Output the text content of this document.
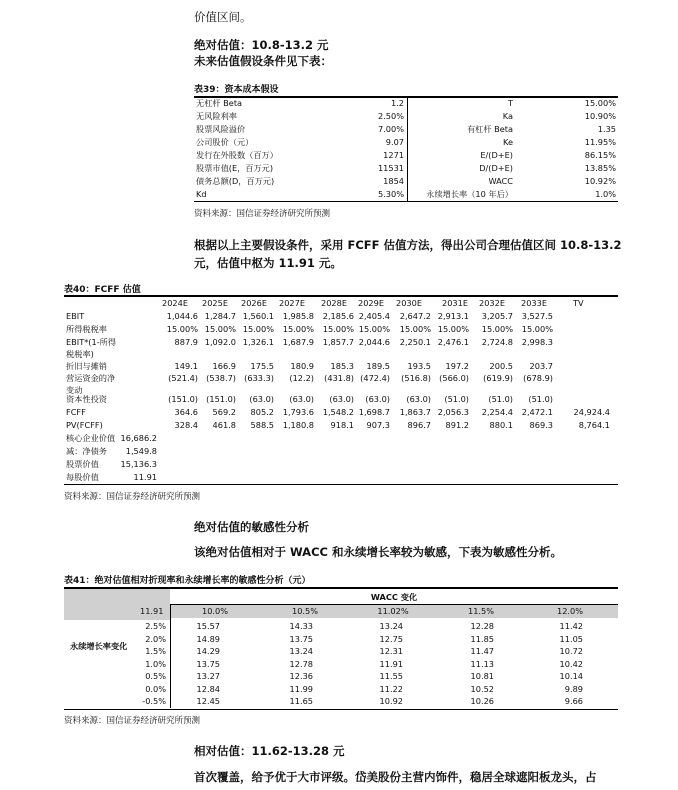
价值区间。
绝对估值：10.8-13.2 元
未来估值假设条件见下表：
表39：资本成本假设
无杠杆 Beta	1.2
无风险利率	2.50%
股票风险溢价	7.00%
公司股价（元）	9.07
发行在外股数（百万）	1271
股票市值(E，百万元)	11531
债务总额(D，百万元)	1854
Kd	5.30%
T	15.00%
Ka	10.90%
有杠杆 Beta	1.35
Ke	11.95%
E/(D+E)	86.15%
D/(D+E)	13.85%
WACC	10.92%
永续增长率（10 年后）	1.0%
资料来源：国信证券经济研究所预测
根据以上主要假设条件，采用 FCFF 估值方法，得出公司合理估值区间 10.8-13.2 元，估值中枢为 11.91 元。
表40：FCFF 估值
2024E 2025E 2026E 2027E 2028E 2029E 2030E 2031E 2032E 2033E	TV
EBIT	1,044.6 1,284.7 1,560.1 1,985.8 2,185.6 2,405.4 2,647.2 2,913.1 3,205.7 3,527.5
所得税税率	15.00% 15.00% 15.00% 15.00% 15.00% 15.00% 15.00% 15.00% 15.00% 15.00%
EBIT*(1-所得
税税率)
887.9 1,092.0 1,326.1 1,687.9 1,857.7 2,044.6 2,250.1 2,476.1 2,724.8 2,998.3
折旧与摊销	149.1 166.9 175.5 180.9 185.3 189.5 193.5 197.2	200.5 203.7
营运资金的净
变动
(521.4) (538.7) (633.3) (12.2) (431.8) (472.4) (516.8) (566.0) (619.9) (678.9)
资本性投资	(151.0) (151.0) (63.0) (63.0) (63.0) (63.0) (63.0) (51.0) (51.0) (51.0)
FCFF	364.6 569.2 805.2 1,793.6 1,548.2 1,698.7 1,863.7 2,056.3 2,254.4 2,472.1	24,924.4
PV(FCFF)	328.4 461.8 588.5 1,180.8 918.1 907.3 896.7 891.2	880.1 869.3	8,764.1
核心企业价值 16,686.2
减：净债务 1,549.8
股票价值	15,136.3
每股价值	11.91
资料来源：国信证券经济研究所预测
绝对估值的敏感性分析
该绝对估值相对于 WACC 和永续增长率较为敏感，下表为敏感性分析。
表41：绝对估值相对折现率和永续增长率的敏感性分析（元）
WACC 变化
11.91
永续增长率变化
10.0%	10.5%	11.02%	11.5%	12.0%
2.5%	15.57	14.33	13.24	12.28	11.42
2.0%	14.89	13.75	12.75	11.85	11.05
1.5%	14.29	13.24	12.31	11.47	10.72
1.0%	13.75	12.78	11.91	11.13	10.42
0.5%	13.27	12.36	11.55	10.81	10.14
0.0%	12.84	11.99	11.22	10.52	9.89
-0.5%	12.45	11.65	10.92	10.26	9.66
资料来源：国信证券经济研究所预测
相对估值：11.62-13.28 元
首次覆盖，给予优于大市评级。岱美股份主营内饰件，稳居全球遮阳板龙头，占
